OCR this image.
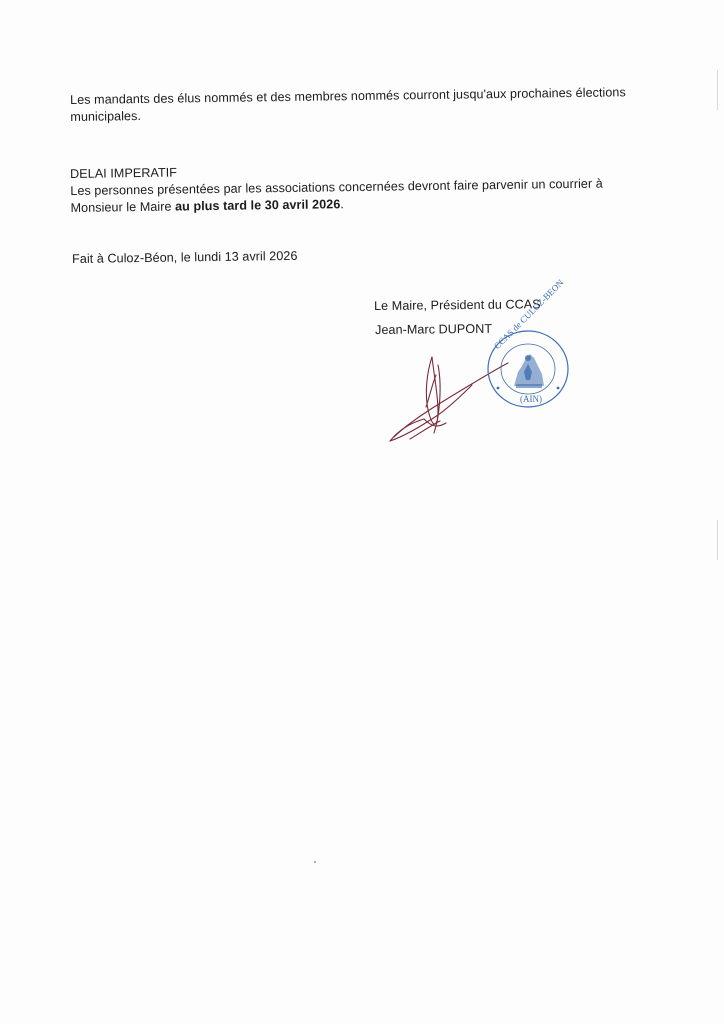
Les mandants des élus nommés et des membres nommés courront jusqu'aux prochaines élections
municipales.
DELAI IMPERATIF
Les personnes présentées par les associations concernées devront faire parvenir un courrier à
Monsieur le Maire au plus tard le 30 avril 2026.
Fait à Culoz-Béon, le lundi 13 avril 2026
Le Maire, Président du CCAS
Jean-Marc DUPONT CCAS de CULOZ-BEON
(AIN)
